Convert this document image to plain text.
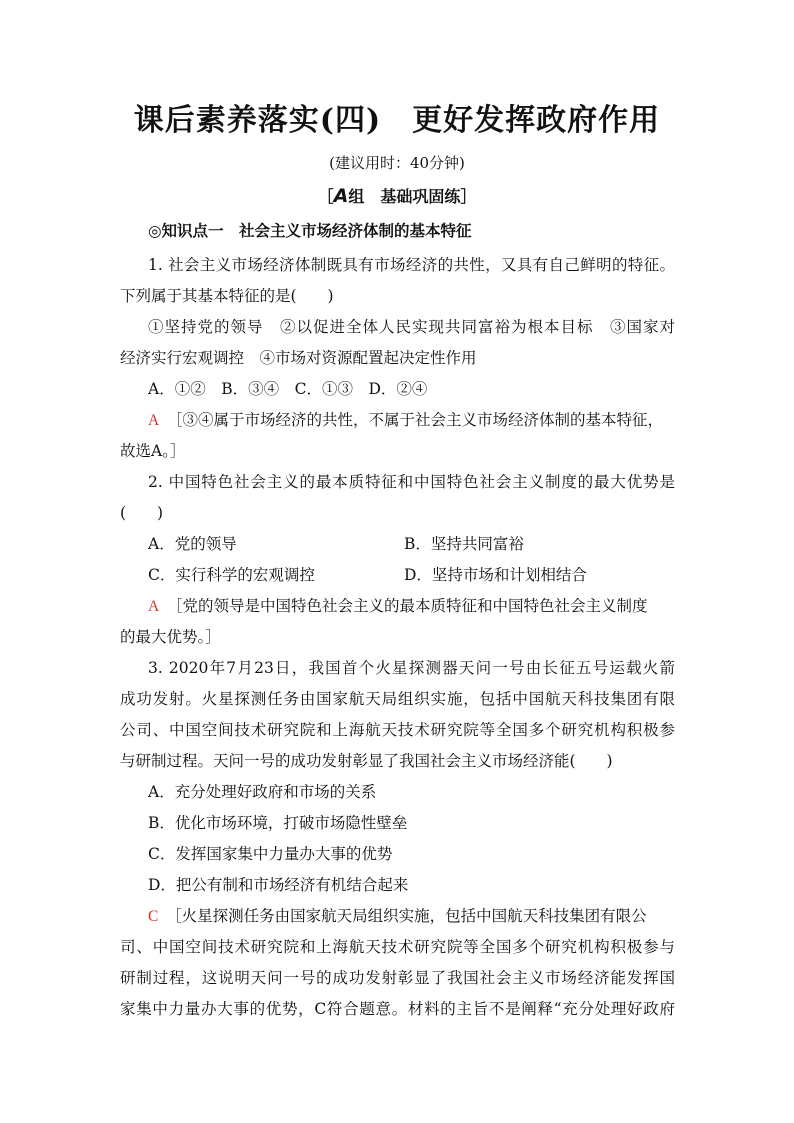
课后素养落实(四)　更好发挥政府作用
(建议用时：40分钟)
［A组　基础巩固练］
◎知识点一　社会主义市场经济体制的基本特征
1. 社会主义市场经济体制既具有市场经济的共性，又具有自己鲜明的特征。
下列属于其基本特征的是(　　)
①坚持党的领导　②以促进全体人民实现共同富裕为根本目标　③国家对
经济实行宏观调控　④市场对资源配置起决定性作用
A．①②　B．③④　C．①③　D．②④
A　 ［③④属于市场经济的共性，不属于社会主义市场经济体制的基本特征，
故选A。］
2. 中国特色社会主义的最本质特征和中国特色社会主义制度的最大优势是
(　　)
A．党的领导	B．坚持共同富裕
C．实行科学的宏观调控	D．坚持市场和计划相结合
A　 ［党的领导是中国特色社会主义的最本质特征和中国特色社会主义制度
的最大优势。］
3. 2020年7月23日，我国首个火星探测器天问一号由长征五号运载火箭
成功发射。火星探测任务由国家航天局组织实施，包括中国航天科技集团有限
公司、中国空间技术研究院和上海航天技术研究院等全国多个研究机构积极参
与研制过程。天问一号的成功发射彰显了我国社会主义市场经济能(　　)
A．充分处理好政府和市场的关系
B．优化市场环境，打破市场隐性壁垒
C．发挥国家集中力量办大事的优势
D．把公有制和市场经济有机结合起来
C　 ［火星探测任务由国家航天局组织实施，包括中国航天科技集团有限公
司、中国空间技术研究院和上海航天技术研究院等全国多个研究机构积极参与
研制过程，这说明天问一号的成功发射彰显了我国社会主义市场经济能发挥国
家集中力量办大事的优势，C符合题意。材料的主旨不是阐释“充分处理好政府
